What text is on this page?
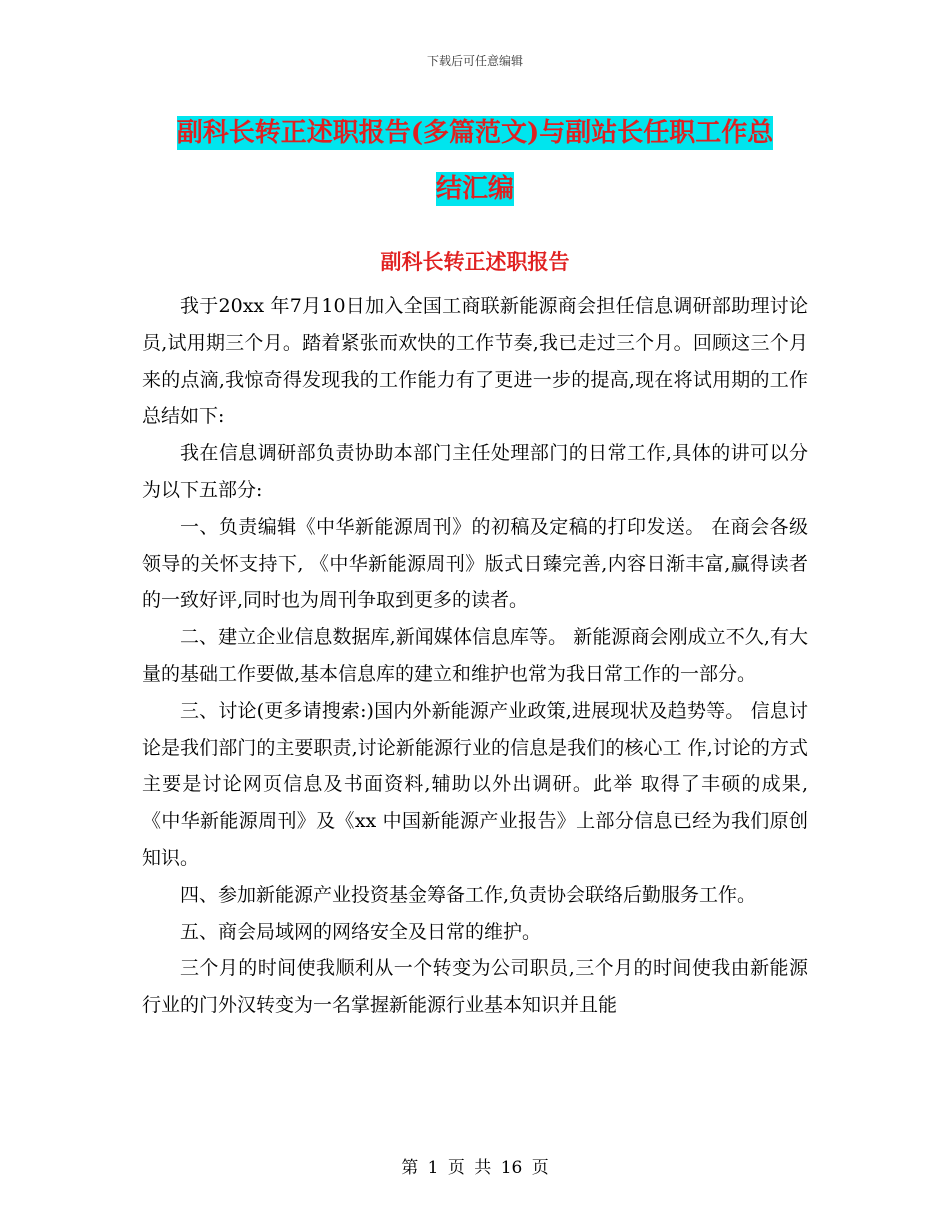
下载后可任意编辑
副科长转正述职报告(多篇范文)与副站长任职工作总
结汇编
副科长转正述职报告

我于20xx 年7月10日加入全国工商联新能源商会担任信息调研部助理讨论员,试用期三个月。踏着紧张而欢快的工作节奏,我已走过三个月。回顾这三个月来的点滴,我惊奇得发现我的工作能力有了更进一步的提高,现在将试用期的工作总结如下:

我在信息调研部负责协助本部门主任处理部门的日常工作,具体的讲可以分为以下五部分:

一、负责编辑《中华新能源周刊》的初稿及定稿的打印发送。 在商会各级领导的关怀支持下, 《中华新能源周刊》版式日臻完善,内容日渐丰富,赢得读者的一致好评,同时也为周刊争取到更多的读者。

二、建立企业信息数据库,新闻媒体信息库等。 新能源商会刚成立不久,有大量的基础工作要做,基本信息库的建立和维护也常为我日常工作的一部分。

三、讨论(更多请搜索:)国内外新能源产业政策,进展现状及趋势等。 信息讨论是我们部门的主要职责,讨论新能源行业的信息是我们的核心工 作,讨论的方式主要是讨论网页信息及书面资料,辅助以外出调研。此举 取得了丰硕的成果, 《中华新能源周刊》及《xx 中国新能源产业报告》上部分信息已经为我们原创知识。

四、参加新能源产业投资基金筹备工作,负责协会联络后勤服务工作。

五、商会局域网的网络安全及日常的维护。

三个月的时间使我顺利从一个转变为公司职员,三个月的时间使我由新能源行业的门外汉转变为一名掌握新能源行业基本知识并且能

第 1 页 共 16 页
